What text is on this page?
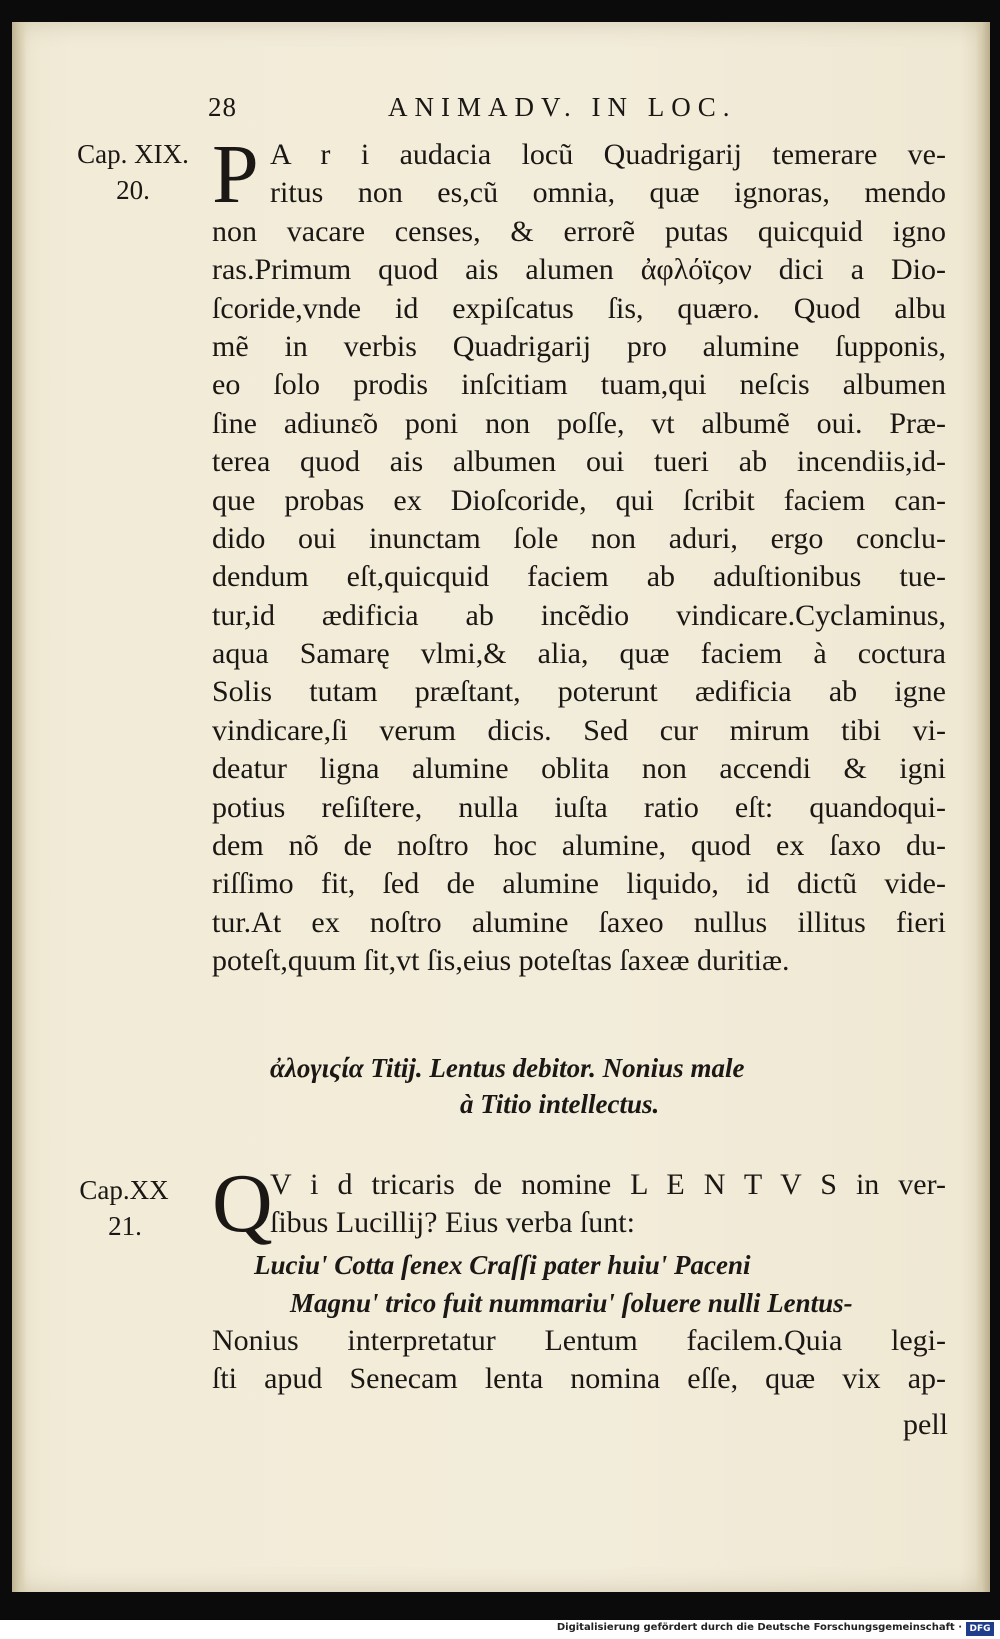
28	ANIMADV. IN LOC.
Cap. XIX.
20. P A r i audacia locũ Quadrigarij temerare ve-
ritus non es,cũ omnia, quæ ignoras, mendo
non vacare censes, & errorẽ putas quicquid igno
ras.Primum quod ais alumen ἀφλόϊςον dici a Dio-
ſcoride,vnde id expiſcatus ſis, quæro. Quod albu
mẽ in verbis Quadrigarij pro alumine ſupponis,
eo ſolo prodis inſcitiam tuam,qui neſcis albumen
ſine adiunɛ̃o poni non poſſe, vt albumẽ oui. Præ-
terea quod ais albumen oui tueri ab incendiis,id-
que probas ex Dioſcoride, qui ſcribit faciem can-
dido oui inunctam ſole non aduri, ergo conclu-
dendum eſt,quicquid faciem ab aduſtionibus tue-
tur,id ædificia ab incẽdio vindicare.Cyclaminus,
aqua Samarę vlmi,& alia, quæ faciem à coctura
Solis tutam præſtant, poterunt ædificia ab igne
vindicare,ſi verum dicis. Sed cur mirum tibi vi-
deatur ligna alumine oblita non accendi & igni
potius reſiſtere, nulla iuſta ratio eſt: quandoqui-
dem nõ de noſtro hoc alumine, quod ex ſaxo du-
riſſimo fit, ſed de alumine liquido, id dictũ vide-
tur.At ex noſtro alumine ſaxeo nullus illitus fieri
poteſt,quum ſit,vt ſis,eius poteſtas ſaxeæ duritiæ.
ἀλογιςία Titij. Lentus debitor. Nonius male
à Titio intellectus.
Cap.XX
21. Q
V i d tricaris de nomine L E N T V S in ver-
ſibus Lucillij? Eius verba ſunt:
Luciu' Cotta ſenex Craſſi pater huiu' Paceni
Magnu' trico fuit nummariu' ſoluere nulli Lentus-
Nonius interpretatur Lentum facilem.Quia legi-
ſti apud Senecam lenta nomina eſſe, quæ vix ap-
pell
Digitalisierung gefördert durch die Deutsche Forschungsgemeinschaft · DFG
